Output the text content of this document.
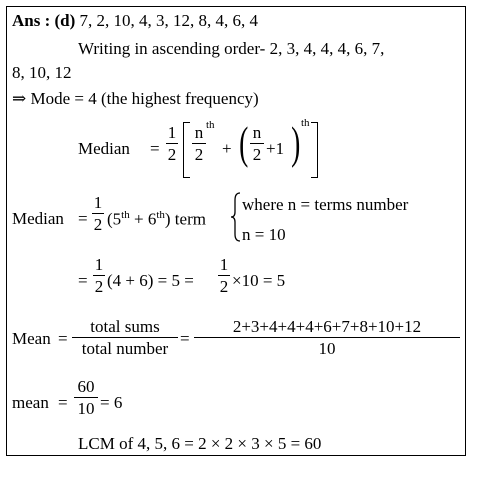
Ans : (d) 7, 2, 10, 4, 3, 12, 8, 4, 6, 4
Writing in ascending order- 2, 3, 4, 4, 4, 6, 7,
8, 10, 12
⇒ Mode = 4 (the highest frequency)
Median =
1
2
n
2
th
+ ( n
2 +1 ) th
Median =
1
2 (5th + 6th) term
where n = terms number
n = 10
=
1
2 (4 + 6) = 5 =
1
2 ×10 = 5
Mean =
total sums
total number
=
2+3+4+4+4+6+7+8+10+12
10
mean =
60
10 = 6
LCM of 4, 5, 6 = 2 × 2 × 3 × 5 = 60
